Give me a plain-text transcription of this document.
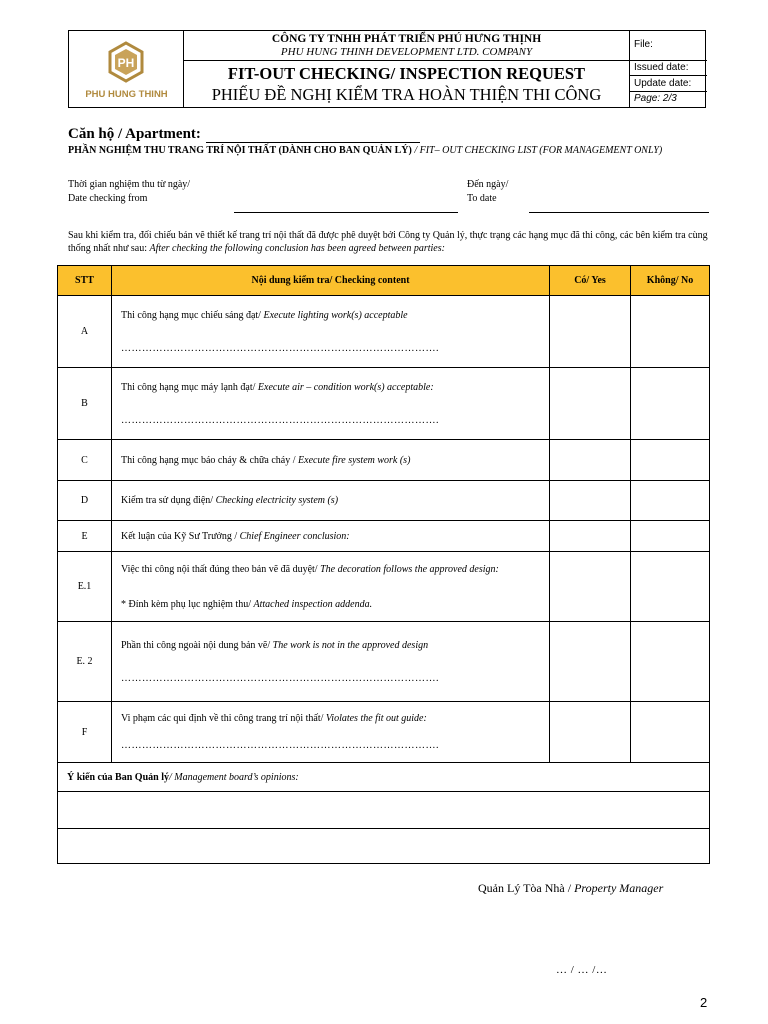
PH
PHU HUNG THINH
CÔNG TY TNHH PHÁT TRIỂN PHÚ HƯNG THỊNH
PHU HUNG THINH DEVELOPMENT LTD. COMPANY
FIT-OUT CHECKING/ INSPECTION REQUEST
PHIẾU ĐỀ NGHỊ KIỂM TRA HOÀN THIỆN THI CÔNG
File:
Issued date:
Update date:
Page: 2/3
Căn hộ / Apartment:
PHẦN NGHIỆM THU TRANG TRÍ NỘI THẤT (DÀNH CHO BAN QUẢN LÝ) / FIT– OUT CHECKING LIST (FOR MANAGEMENT ONLY)
Thời gian nghiệm thu từ ngày/
Date checking from
Đến ngày/
To date
Sau khi kiểm tra, đối chiếu bản vẽ thiết kế trang trí nội thất đã được phê duyệt bởi Công ty Quản lý, thực trạng các hạng mục đã thi công, các bên kiểm tra cùng thống nhất như sau: After checking the following conclusion has been agreed between parties:
STT	Nội dung kiểm tra/ Checking content	Có/ Yes	Không/ No
A	Thi công hạng mục chiếu sáng đạt/ Execute lighting work(s) acceptable
……………………………………………………………………………….		

B	Thi công hạng mục máy lạnh đạt/ Execute air – condition work(s) acceptable:
……………………………………………………………………………….		

C	Thi công hạng mục báo cháy & chữa cháy / Execute fire system work (s)		
D	Kiểm tra sử dụng điện/ Checking electricity system (s)		
E	Kết luận của Kỹ Sư Trưởng / Chief Engineer conclusion:		
E.1	Việc thi công nội thất đúng theo bản vẽ đã duyệt/ The decoration follows the approved design:
* Đính kèm phụ lục nghiệm thu/ Attached inspection addenda.		

E. 2	Phần thi công ngoài nội dung bản vẽ/ The work is not in the approved design
……………………………………………………………………………….		

F	Vi phạm các qui định về thi công trang trí nội thất/ Violates the fit out guide:
……………………………………………………………………………….		

Ý kiến của Ban Quản lý/ Management board’s opinions:			

Quản Lý Tòa Nhà / Property Manager
… / … /…
2
